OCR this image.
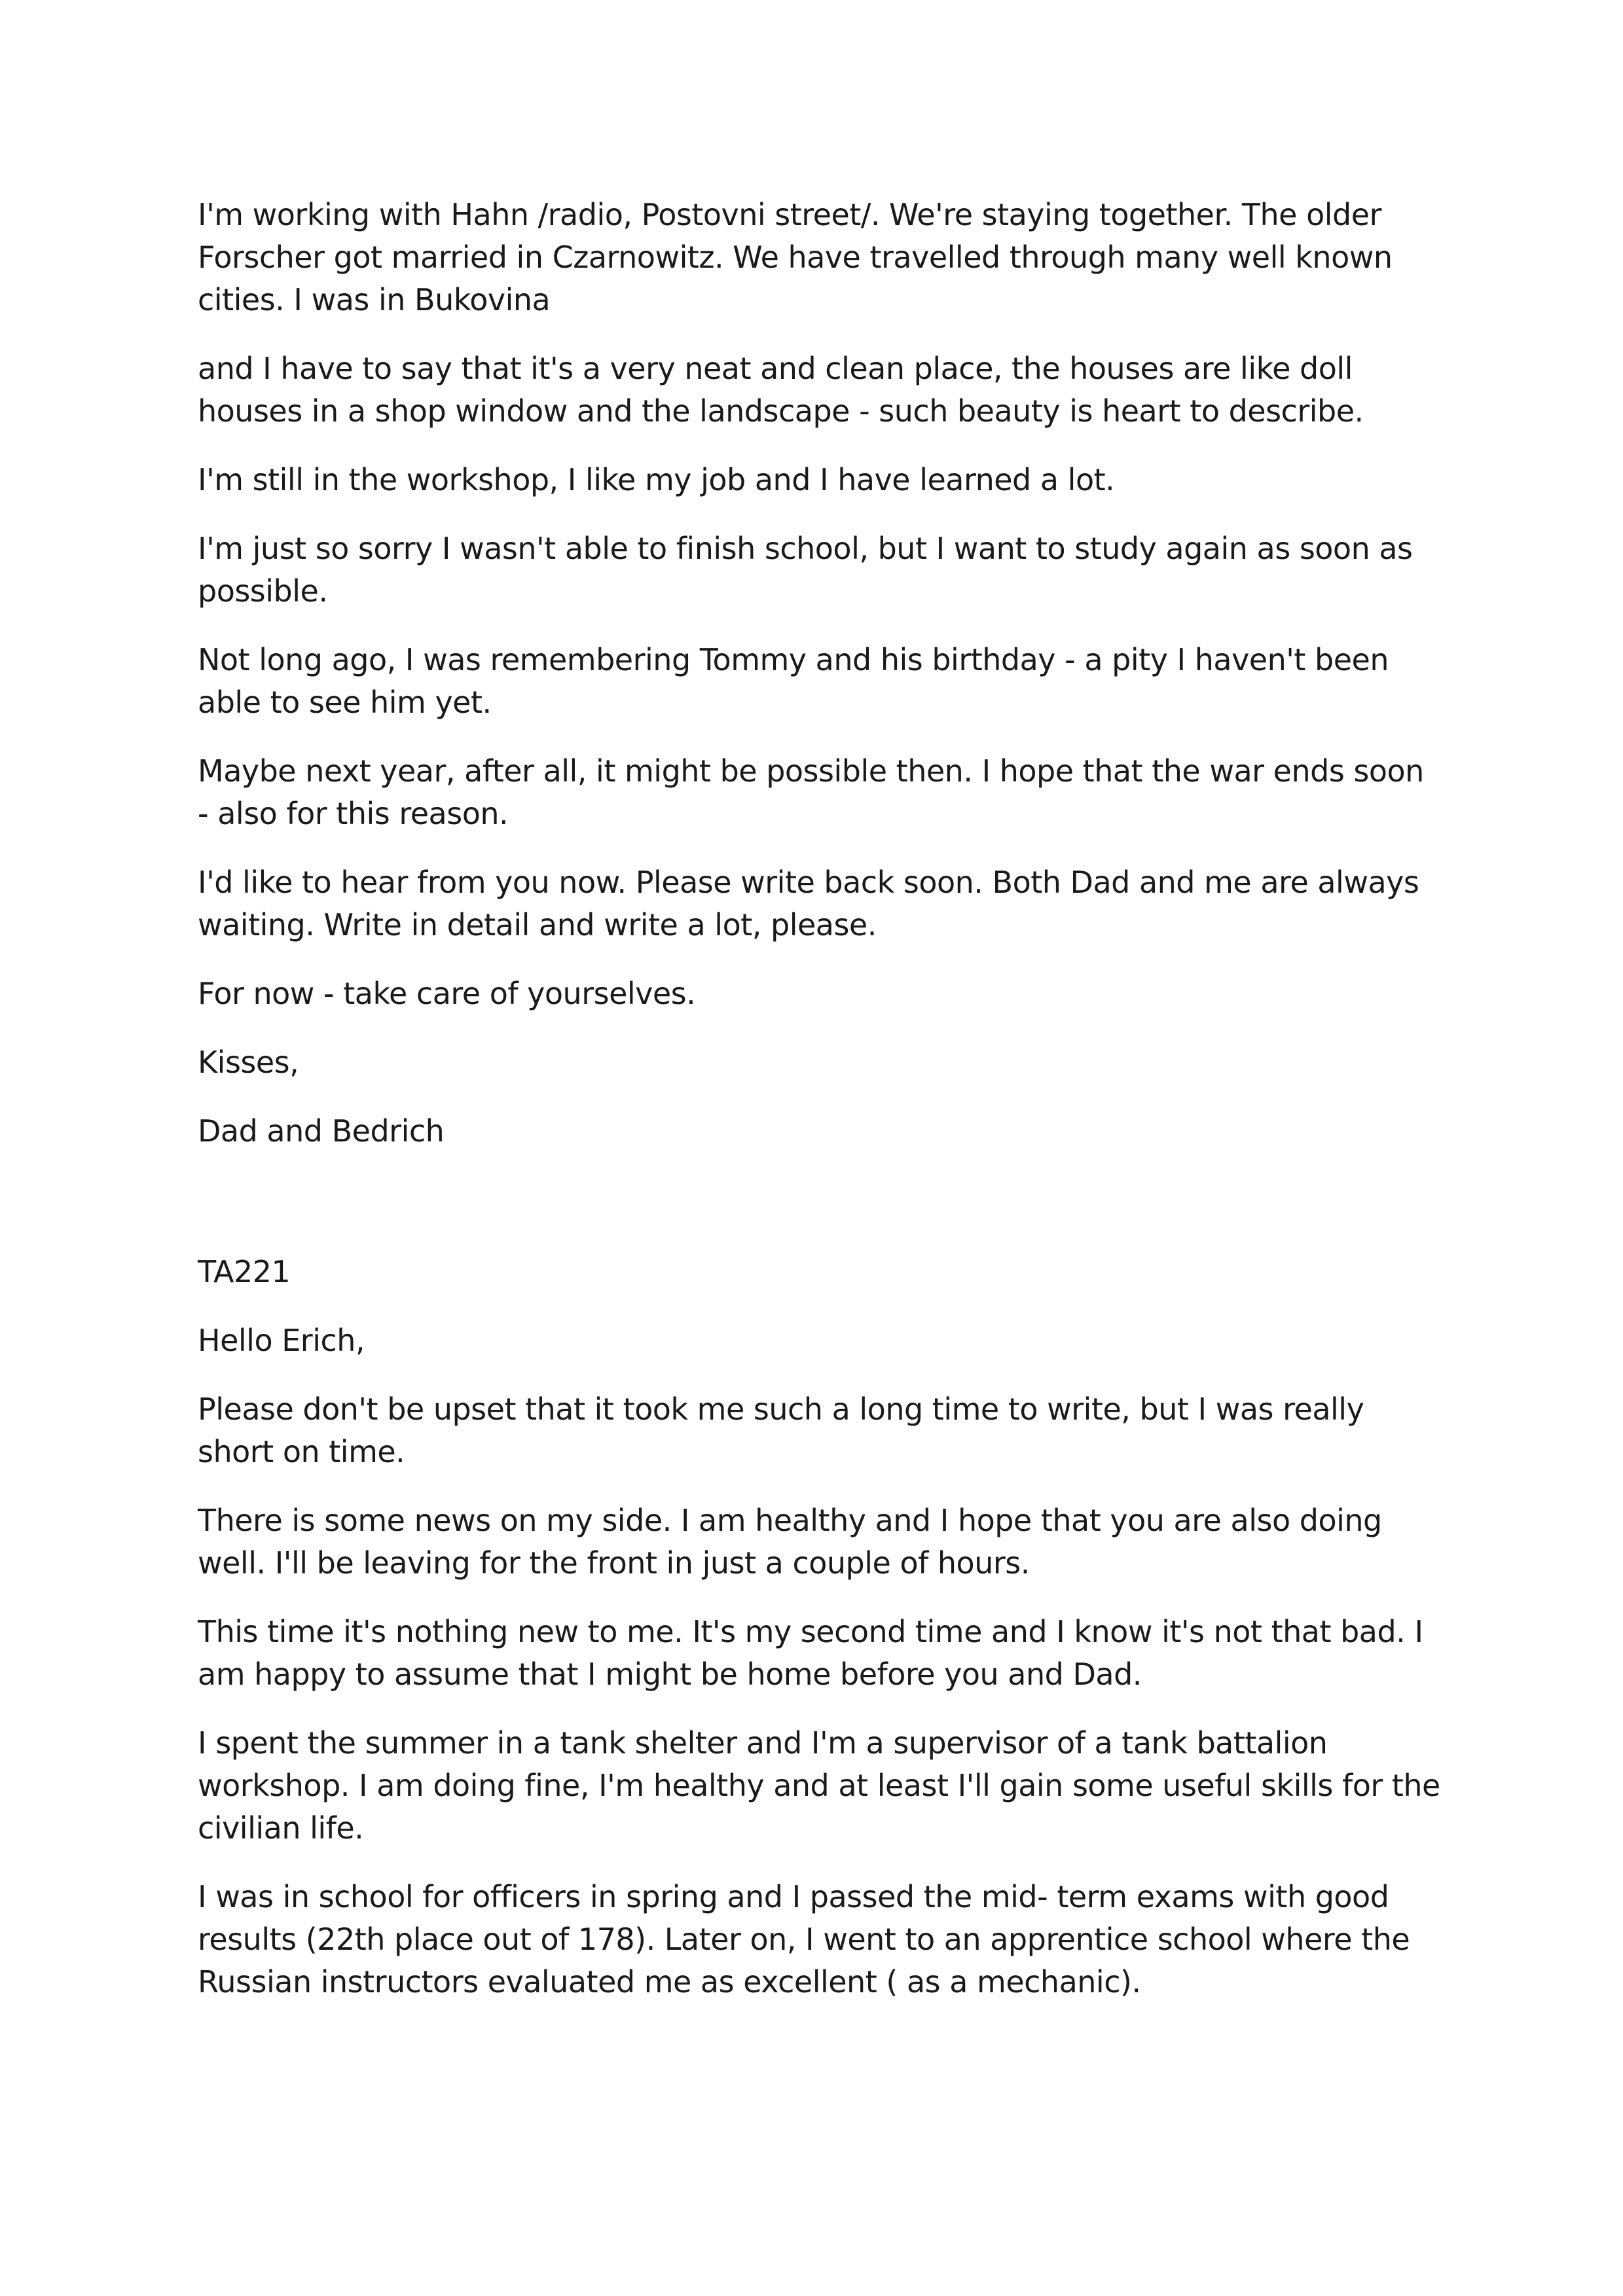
I'm working with Hahn /radio, Postovni street/. We're staying together. The older Forscher got married in Czarnowitz. We have travelled through many well known cities. I was in Bukovina

and I have to say that it's a very neat and clean place, the houses are like doll houses in a shop window and the landscape - such beauty is heart to describe.

I'm still in the workshop, I like my job and I have learned a lot.

I'm just so sorry I wasn't able to finish school, but I want to study again as soon as possible.

Not long ago, I was remembering Tommy and his birthday - a pity I haven't been able to see him yet.

Maybe next year, after all, it might be possible then. I hope that the war ends soon - also for this reason.

I'd like to hear from you now. Please write back soon. Both Dad and me are always waiting. Write in detail and write a lot, please.

For now - take care of yourselves.

Kisses,

Dad and Bedrich

TA221

Hello Erich,

Please don't be upset that it took me such a long time to write, but I was really short on time.

There is some news on my side. I am healthy and I hope that you are also doing well. I'll be leaving for the front in just a couple of hours.

This time it's nothing new to me. It's my second time and I know it's not that bad. I am happy to assume that I might be home before you and Dad.

I spent the summer in a tank shelter and I'm a supervisor of a tank battalion workshop. I am doing fine, I'm healthy and at least I'll gain some useful skills for the civilian life.

I was in school for officers in spring and I passed the mid- term exams with good results (22th place out of 178). Later on, I went to an apprentice school where the Russian instructors evaluated me as excellent ( as a mechanic).
